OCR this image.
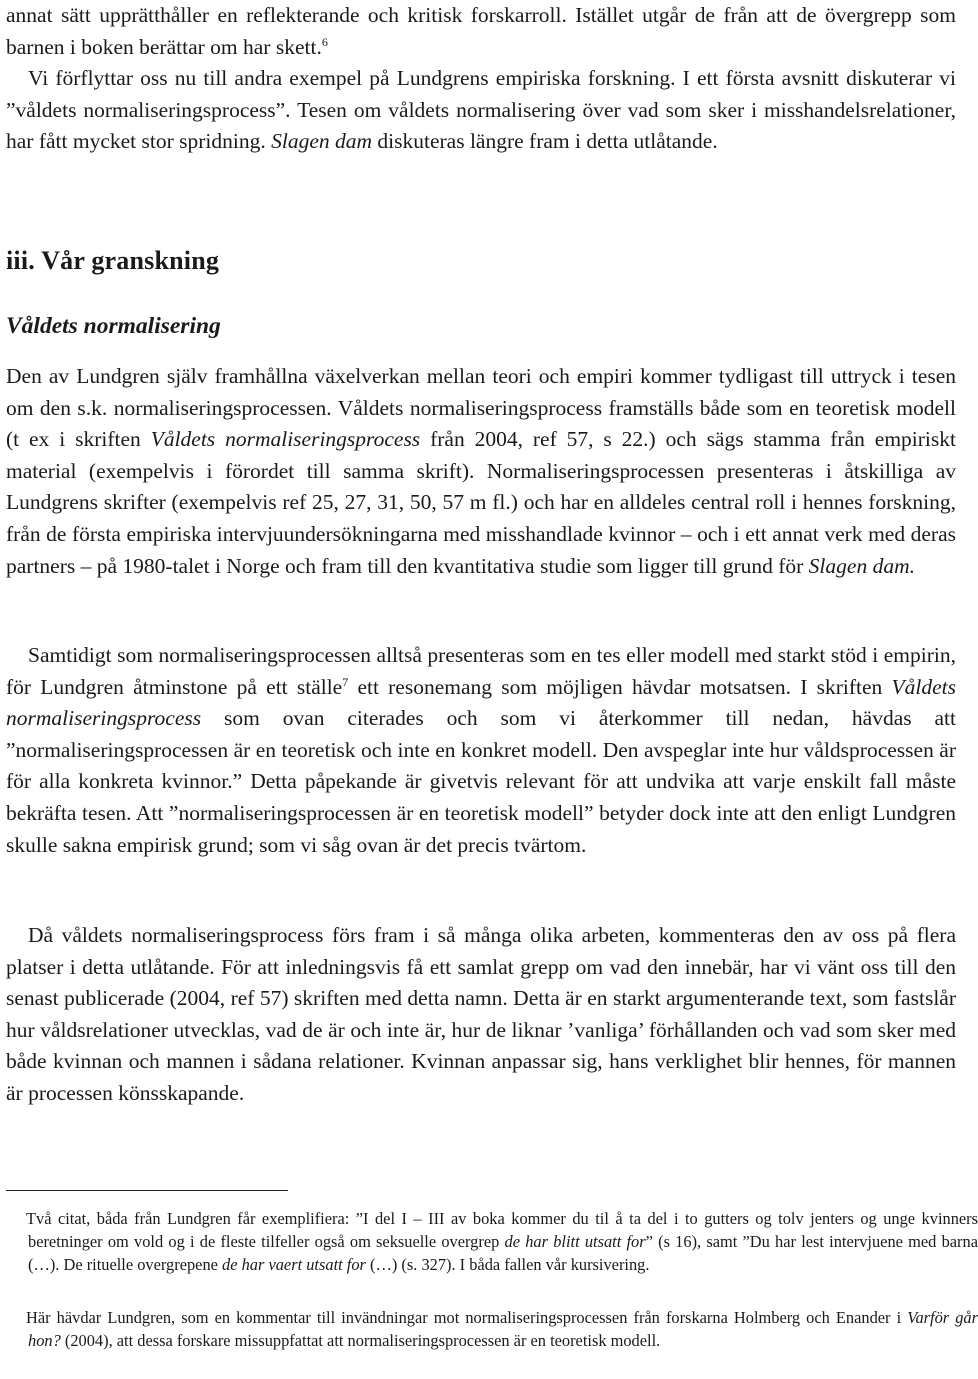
annat sätt upprätthåller en reflekterande och kritisk forskarroll. Istället utgår de från att de övergrepp som barnen i boken berättar om har skett.$^6$
Vi förflyttar oss nu till andra exempel på Lundgrens empiriska forskning. I ett första avsnitt diskuterar vi ”våldets normaliseringsprocess”. Tesen om våldets normalisering över vad som sker i misshandelsrelationer, har fått mycket stor spridning. Slagen dam diskuteras längre fram i detta utlåtande.

iii. Vår granskning
Våldets normalisering

Den av Lundgren själv framhållna växelverkan mellan teori och empiri kommer tydligast till uttryck i tesen om den s.k. normaliseringsprocessen. Våldets normaliseringsprocess framställs både som en teoretisk modell (t ex i skriften Våldets normaliseringsprocess från 2004, ref 57, s 22.) och sägs stamma från empiriskt material (exempelvis i förordet till samma skrift). Normaliseringsprocessen presenteras i åtskilliga av Lundgrens skrifter (exempelvis ref 25, 27, 31, 50, 57 m fl.) och har en alldeles central roll i hennes forskning, från de första empiriska intervjuundersökningarna med misshandlade kvinnor – och i ett annat verk med deras partners – på 1980-talet i Norge och fram till den kvantitativa studie som ligger till grund för Slagen dam.

Samtidigt som normaliseringsprocessen alltså presenteras som en tes eller modell med starkt stöd i empirin, för Lundgren åtminstone på ett ställe$^7$ ett resonemang som möjligen hävdar motsatsen. I skriften Våldets normaliseringsprocess som ovan citerades och som vi återkommer till nedan, hävdas att ”normaliseringsprocessen är en teoretisk och inte en konkret modell. Den avspeglar inte hur våldsprocessen är för alla konkreta kvinnor.” Detta påpekande är givetvis relevant för att undvika att varje enskilt fall måste bekräfta tesen. Att ”normaliseringsprocessen är en teoretisk modell” betyder dock inte att den enligt Lundgren skulle sakna empirisk grund; som vi såg ovan är det precis tvärtom.

Då våldets normaliseringsprocess förs fram i så många olika arbeten, kommenteras den av oss på flera platser i detta utlåtande. För att inledningsvis få ett samlat grepp om vad den innebär, har vi vänt oss till den senast publicerade (2004, ref 57) skriften med detta namn. Detta är en starkt argumenterande text, som fastslår hur våldsrelationer utvecklas, vad de är och inte är, hur de liknar ’vanliga’ förhållanden och vad som sker med både kvinnan och mannen i sådana relationer. Kvinnan anpassar sig, hans verklighet blir hennes, för mannen är processen könsskapande.

Två citat, båda från Lundgren får exemplifiera: ”I del I – III av boka kommer du til å ta del i to gutters og tolv jenters og unge kvinners beretninger om vold og i de fleste tilfeller også om seksuelle overgrep de har blitt utsatt for” (s 16), samt ”Du har lest intervjuene med barna (…). De rituelle overgrepene de har vaert utsatt for (…) (s. 327). I båda fallen vår kursivering.

Här hävdar Lundgren, som en kommentar till invändningar mot normaliseringsprocessen från forskarna Holmberg och Enander i Varför går hon? (2004), att dessa forskare missuppfattat att normaliseringsprocessen är en teoretisk modell.
